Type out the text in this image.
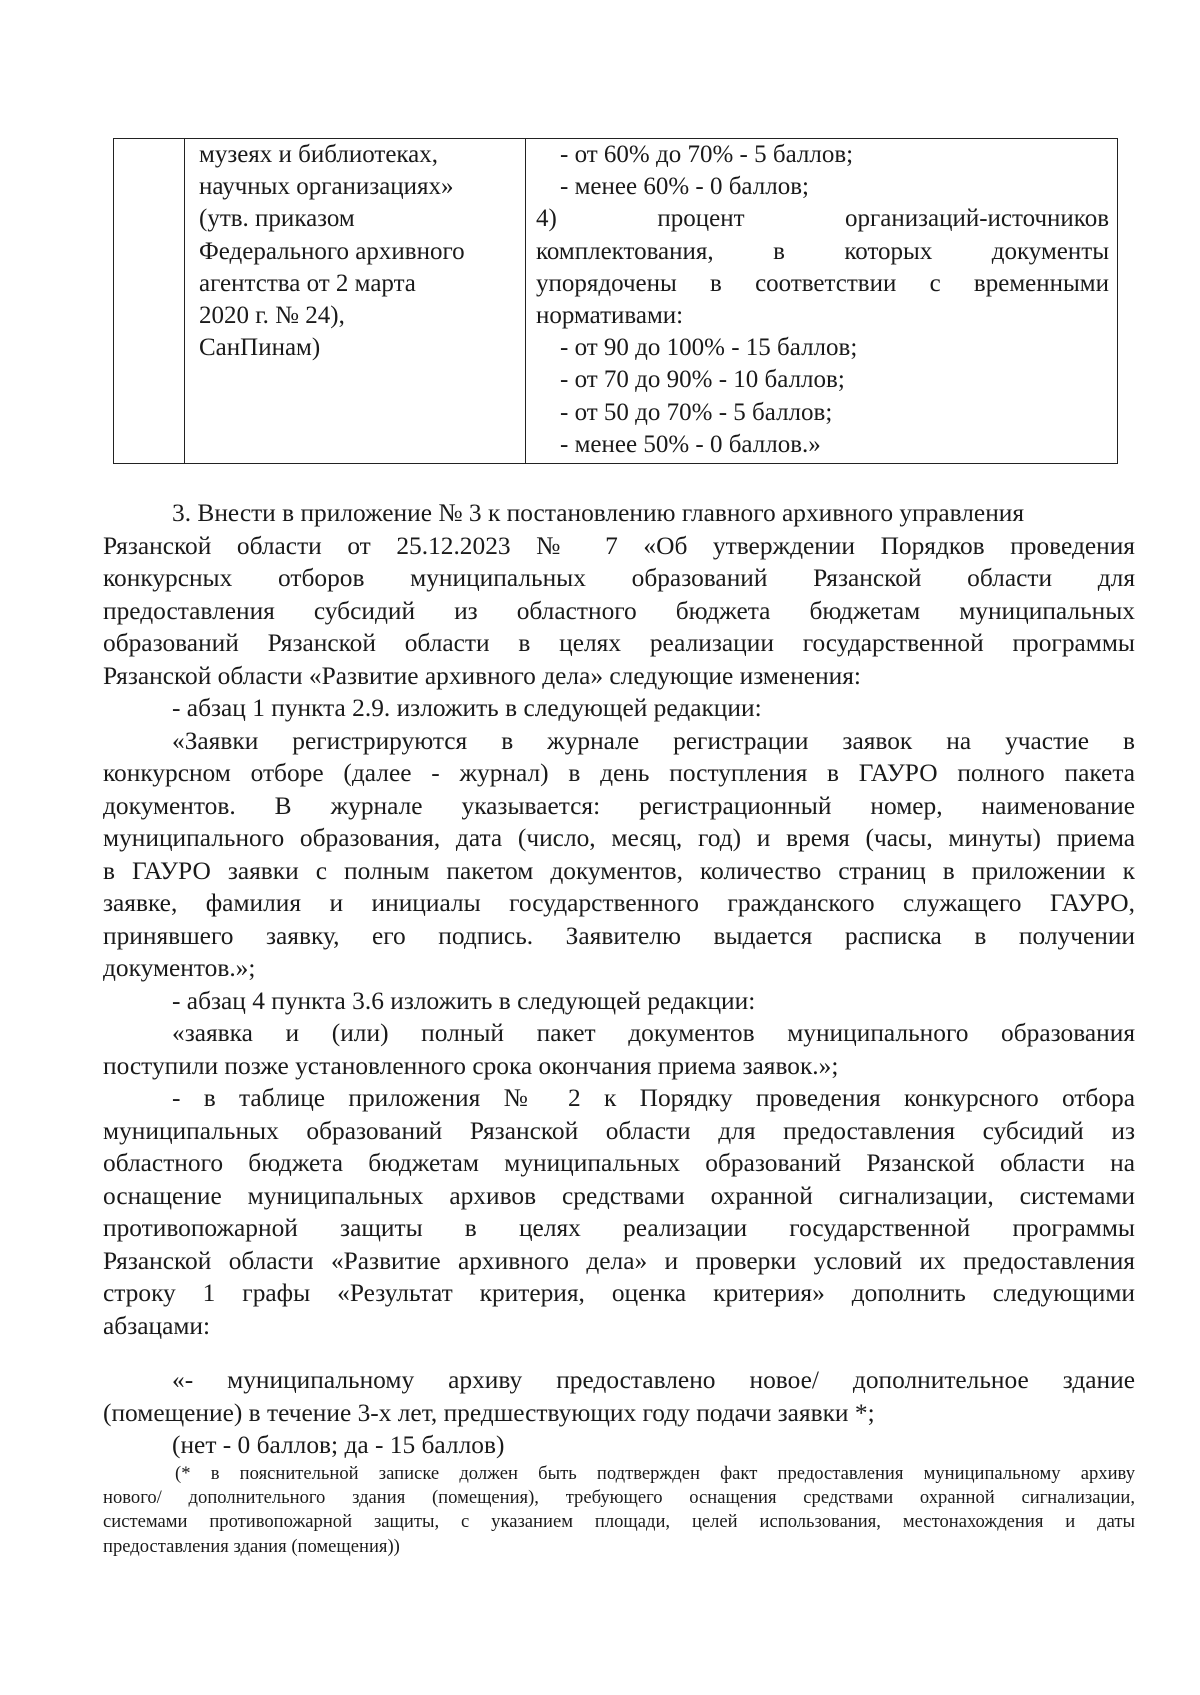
музеях и библиотеках,
научных организациях»
(утв. приказом
Федерального архивного
агентства от 2 марта
2020 г. № 24),
СанПинам)
- от 60% до 70% - 5 баллов;
- менее 60% - 0 баллов;
4) процент организаций-источников
комплектования, в которых документы
упорядочены в соответствии с временными
нормативами:
- от 90 до 100% - 15 баллов;
- от 70 до 90% - 10 баллов;
- от 50 до 70% - 5 баллов;
- менее 50% - 0 баллов.»
3. Внести в приложение № 3 к постановлению главного архивного управления
Рязанской области от 25.12.2023 № 7 «Об утверждении Порядков проведения
конкурсных отборов муниципальных образований Рязанской области для
предоставления субсидий из областного бюджета бюджетам муниципальных
образований Рязанской области в целях реализации государственной программы
Рязанской области «Развитие архивного дела» следующие изменения:
- абзац 1 пункта 2.9. изложить в следующей редакции:
«Заявки регистрируются в журнале регистрации заявок на участие в
конкурсном отборе (далее - журнал) в день поступления в ГАУРО полного пакета
документов. В журнале указывается: регистрационный номер, наименование
муниципального образования, дата (число, месяц, год) и время (часы, минуты) приема
в ГАУРО заявки с полным пакетом документов, количество страниц в приложении к
заявке, фамилия и инициалы государственного гражданского служащего ГАУРО,
принявшего заявку, его подпись. Заявителю выдается расписка в получении
документов.»;
- абзац 4 пункта 3.6 изложить в следующей редакции:
«заявка и (или) полный пакет документов муниципального образования
поступили позже установленного срока окончания приема заявок.»;
- в таблице приложения № 2 к Порядку проведения конкурсного отбора
муниципальных образований Рязанской области для предоставления субсидий из
областного бюджета бюджетам муниципальных образований Рязанской области на
оснащение муниципальных архивов средствами охранной сигнализации, системами
противопожарной защиты в целях реализации государственной программы
Рязанской области «Развитие архивного дела» и проверки условий их предоставления
строку 1 графы «Результат критерия, оценка критерия» дополнить следующими
абзацами:
«- муниципальному архиву предоставлено новое/ дополнительное здание
(помещение) в течение 3-х лет, предшествующих году подачи заявки *;
(нет - 0 баллов; да - 15 баллов)
(* в пояснительной записке должен быть подтвержден факт предоставления муниципальному архиву
нового/ дополнительного здания (помещения), требующего оснащения средствами охранной сигнализации,
системами противопожарной защиты, с указанием площади, целей использования, местонахождения и даты
предоставления здания (помещения))
